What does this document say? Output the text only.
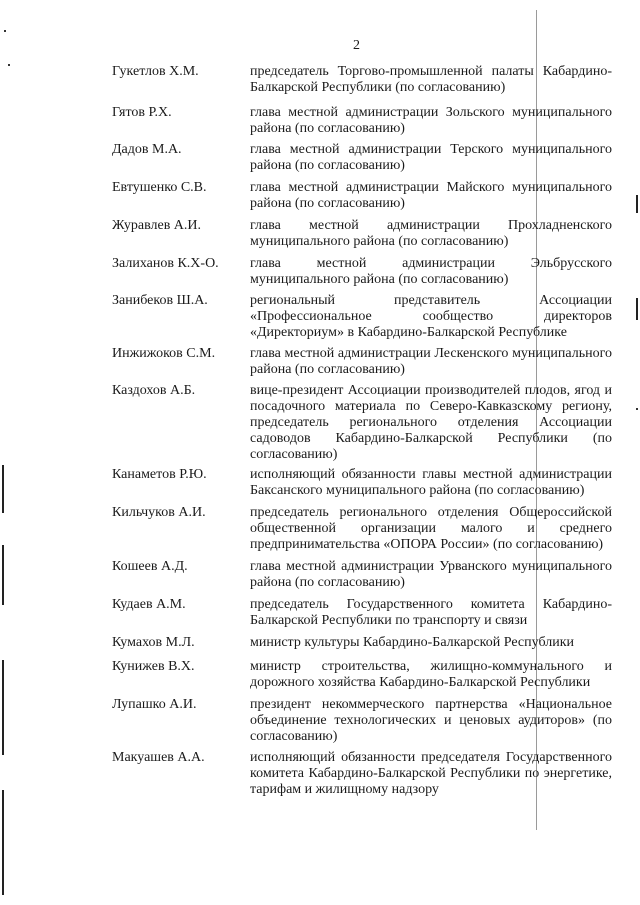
2
Гукетлов Х.М.	председатель Торгово-промышленной палаты Кабардино-Балкарской Республики (по согласованию)
Гятов Р.Х.	глава местной администрации Зольского муниципального района (по согласованию)
Дадов М.А.	глава местной администрации Терского муниципального района (по согласованию)
Евтушенко С.В.	глава местной администрации Майского муниципального района (по согласованию)
Журавлев А.И.	глава местной администрации Прохладненского муниципального района (по согласованию)
Залиханов К.Х-О. глава местной администрации Эльбрусского муниципального района (по согласованию)
Занибеков Ш.А.	региональный представитель Ассоциации «Профессиональное сообщество директоров «Директориум» в Кабардино-Балкарской Республике
Инжижоков С.М. глава местной администрации Лескенского муниципального района (по согласованию)
Каздохов А.Б.	вице-президент Ассоциации производителей плодов, ягод и посадочного материала по Северо-Кавказскому региону, председатель регионального отделения Ассоциации садоводов Кабардино-Балкарской Республики (по согласованию)
Канаметов Р.Ю.	исполняющий обязанности главы местной администрации Баксанского муниципального района (по согласованию)
Кильчуков А.И.	председатель регионального отделения Общероссийской общественной организации малого и среднего предпринимательства «ОПОРА России» (по согласованию)
Кошеев А.Д.	глава местной администрации Урванского муниципального района (по согласованию)
Кудаев А.М.	председатель Государственного комитета Кабардино-Балкарской Республики по транспорту и связи
Кумахов М.Л.	министр культуры Кабардино-Балкарской Республики
Кунижев В.Х.	министр строительства, жилищно-коммунального и дорожного хозяйства Кабардино-Балкарской Республики
Лупашко А.И.	президент некоммерческого партнерства «Национальное объединение технологических и ценовых аудиторов» (по согласованию)
Макуашев А.А.	исполняющий обязанности председателя Государственного комитета Кабардино-Балкарской Республики по энергетике, тарифам и жилищному надзору
